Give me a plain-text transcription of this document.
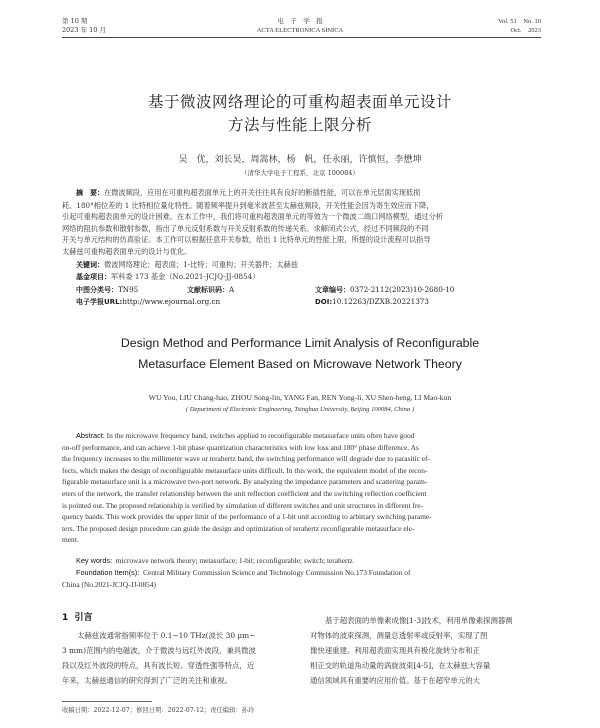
第 10 期
2023 年 10 月
电　子　学　报
ACTA ELECTRONICA SINICA
Vol. 51　No. 10
Oct.　2023
基于微波网络理论的可重构超表面单元设计
方法与性能上限分析
吴　优，刘长昊，周嵩林，杨　帆，任永丽，许慎恒，李懋坤
（清华大学电子工程系，北京 100084）
摘　要：在微波频段，应用在可重构超表面单元上的开关往往具有良好的断插性能，可以在单元层面实现低损
耗、180°相位差的 1 比特相位量化特性。随着频率提升到毫米波甚至太赫兹频段，开关性能会因为寄生效应而下降，
引起可重构超表面单元的设计困难。在本工作中，我们将可重构超表面单元的等效为一个微波二端口网络模型，通过分析
网络的阻抗参数和散射参数，指出了单元反射系数与开关反射系数的传递关系。求解闭式公式，经过不同频段的不同
开关与单元结构的仿真验证。本工作可以根据任意开关参数，给出 1 比特单元的性能上限，所提的设计流程可以指导
太赫兹可重构超表面单元的设计与优化。
关键词：微波网络理论；超表面；1-比特；可重构；开关器件；太赫兹
基金项目：军科委 173 基金（No.2021-JCJQ-JJ-0854）
中图分类号：TN95	文献标识码：A	文章编号：0372-2112(2023)10-2680-10
电子学报URL:http://www.ejournal.org.cn	DOI:10.12263/DZXB.20221373
Design Method and Performance Limit Analysis of Reconfigurable
Metasurface Element Based on Microwave Network Theory
WU You, LIU Chang-hao, ZHOU Song-lin, YANG Fan, REN Yong-li, XU Shen-heng, LI Mao-kun
( Department of Electronic Engineering, Tsinghua University, Beijing 100084, China )
Abstract: In the microwave frequency band, switches applied to reconfigurable metasurface units often have good
on-off performance, and can achieve 1-bit phase quantization characteristics with low loss and 180° phase difference. As
the frequency increases to the millimeter wave or terahertz band, the switching performance will degrade due to parasitic ef-
fects, which makes the design of reconfigurable metasurface units difficult. In this work, the equivalent model of the recon-
figurable metasurface unit is a microwave two-port network. By analyzing the impedance parameters and scattering param-
eters of the network, the transfer relationship between the unit reflection coefficient and the switching reflection coefficient
is pointed out. The proposed relationship is verified by simulation of different switches and unit structures in different fre-
quency bands. This work provides the upper limit of the performance of a 1-bit unit according to arbitrary switching parame-
ters. The proposed design procedure can guide the design and optimization of terahertz reconfigurable metasurface ele-
ment.
Key words: microwave network theory; metasurface; 1-bit; reconfigurable; switch; terahertz
Foundation Item(s): Central Military Commission Science and Technology Commission No.173 Foundation of
China (No.2021-JCJQ-JJ-0854)
1 引言
太赫兹波通常指频率位于 0.1~10 THz(波长 30 μm~
3 mm)范围内的电磁波，介于微波与远红外波段，兼具微波
段以及红外波段的特点，具有波长短、穿透性强等特点，近
年来，太赫兹通信的研究得到了广泛的关注和重视。
基于超表面的单像素成像[1-3]技术，利用单像素探测器测
对物体的波束探测，测量总透射率或反射率，实现了图
像快速重建。利用超表面实现具有极化旋转分布和正
相正交的轨道角动量的涡旋波束[4-5]，在太赫兹大容量
通信领域具有重要的应用价值。基于在超窄单元的大
收稿日期：2022-12-07；修回日期：2022-07-12；责任编辑：孙玲
